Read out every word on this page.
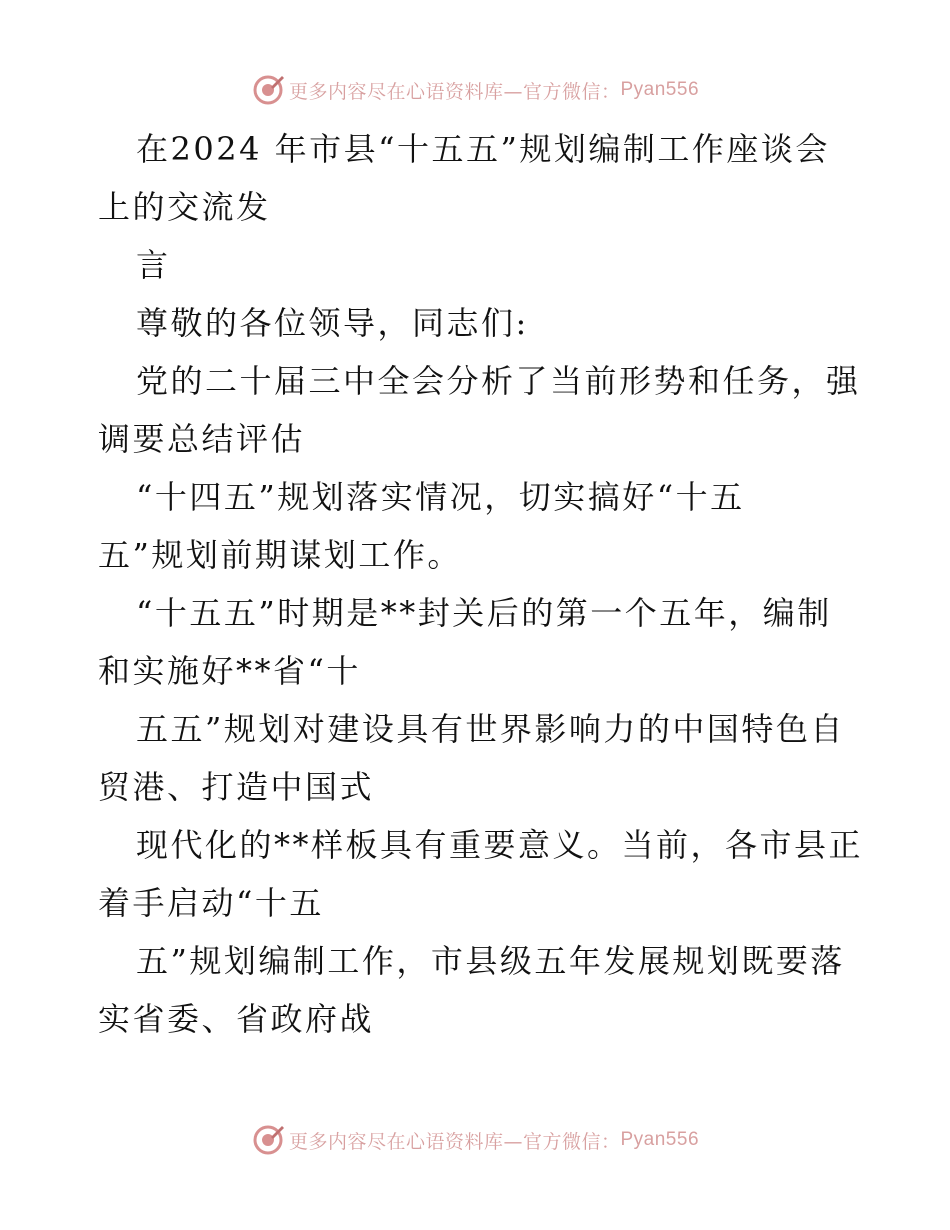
更多内容尽在心语资料库—官方微信： Pyan556
在2024 年市县“十五五”规划编制工作座谈会
上的交流发
言
尊敬的各位领导，同志们:
党的二十届三中全会分析了当前形势和任务，强
调要总结评估
“十四五”规划落实情况，切实搞好“十五
五”规划前期谋划工作。
“十五五”时期是**封关后的第一个五年，编制
和实施好**省“十
五五”规划对建设具有世界影响力的中国特色自
贸港、打造中国式
现代化的**样板具有重要意义。当前，各市县正
着手启动“十五
五”规划编制工作，市县级五年发展规划既要落
实省委、省政府战
更多内容尽在心语资料库—官方微信： Pyan556
